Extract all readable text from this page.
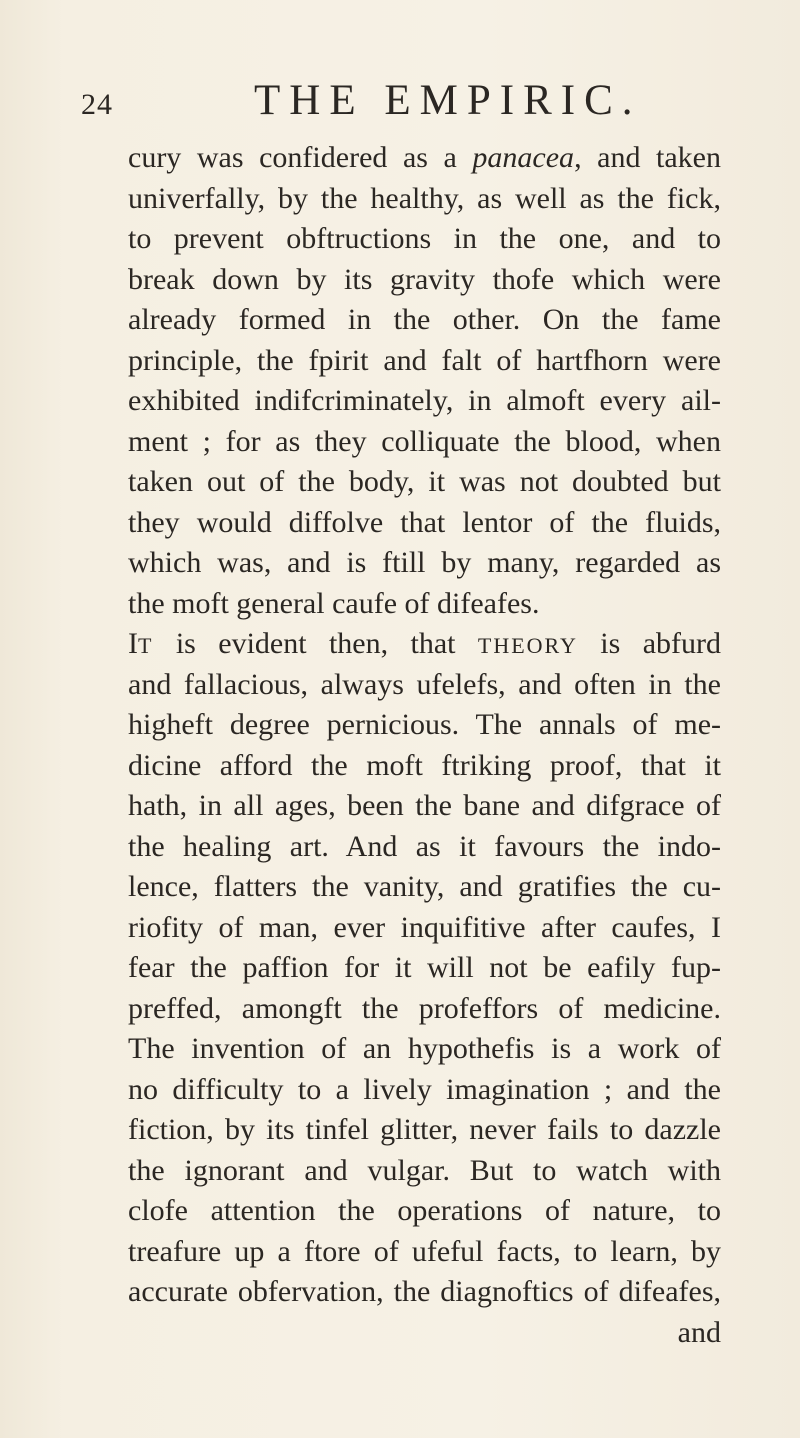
24	THE EMPIRIC.
cury was confidered as a panacea, and taken
univerfally, by the healthy, as well as the fick,
to prevent obftructions in the one, and to
break down by its gravity thofe which were
already formed in the other. On the fame
principle, the fpirit and falt of hartfhorn were
exhibited indifcriminately, in almoft every ail-
ment ; for as they colliquate the blood, when
taken out of the body, it was not doubted but
they would diffolve that lentor of the fluids,
which was, and is ftill by many, regarded as
the moft general caufe of difeafes.
IT is evident then, that THEORY is abfurd
and fallacious, always ufelefs, and often in the
higheft degree pernicious. The annals of me-
dicine afford the moft ftriking proof, that it
hath, in all ages, been the bane and difgrace of
the healing art. And as it favours the indo-
lence, flatters the vanity, and gratifies the cu-
riofity of man, ever inquifitive after caufes, I
fear the paffion for it will not be eafily fup-
preffed, amongft the profeffors of medicine.
The invention of an hypothefis is a work of
no difficulty to a lively imagination ; and the
fiction, by its tinfel glitter, never fails to dazzle
the ignorant and vulgar. But to watch with
clofe attention the operations of nature, to
treafure up a ftore of ufeful facts, to learn, by
accurate obfervation, the diagnoftics of difeafes,
and
